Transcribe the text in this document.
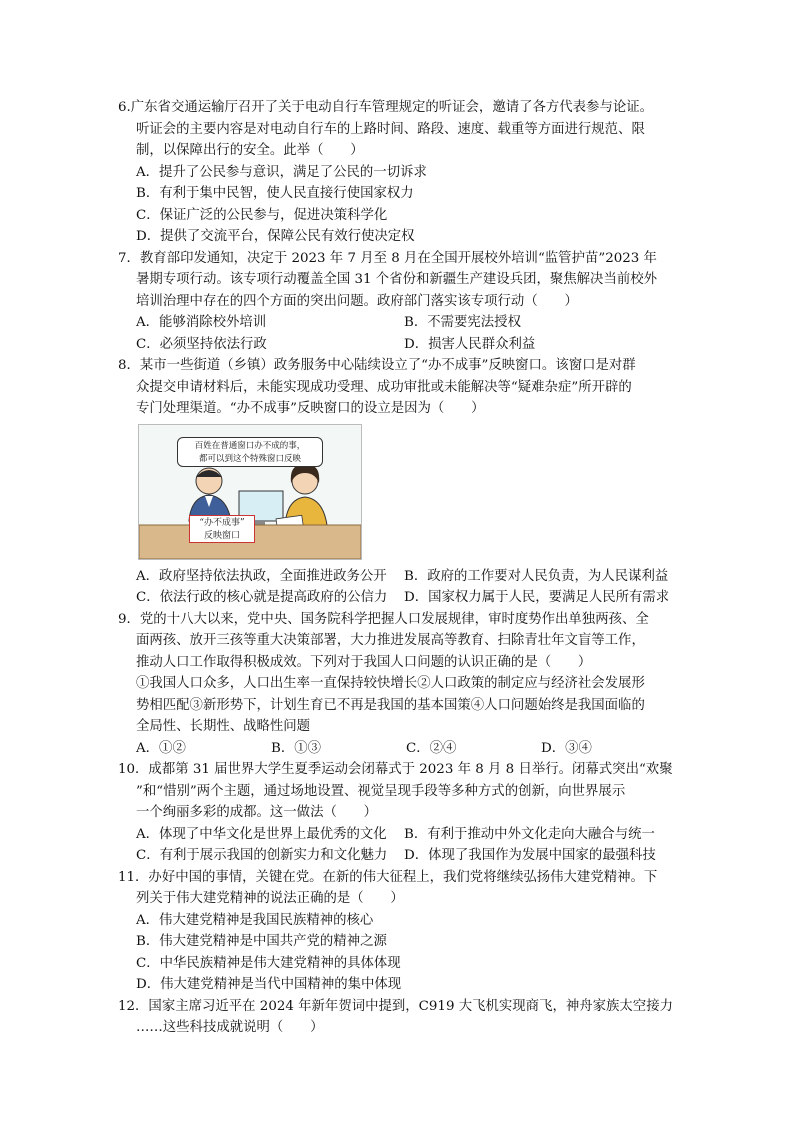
6.广东省交通运输厅召开了关于电动自行车管理规定的听证会，邀请了各方代表参与论证。
听证会的主要内容是对电动自行车的上路时间、路段、速度、载重等方面进行规范、限
制，以保障出行的安全。此举（　　）
A．提升了公民参与意识，满足了公民的一切诉求
B．有利于集中民智，使人民直接行使国家权力
C．保证广泛的公民参与，促进决策科学化
D．提供了交流平台，保障公民有效行使决定权
7．教育部印发通知，决定于 2023 年 7 月至 8 月在全国开展校外培训“监管护苗”2023 年
暑期专项行动。该专项行动覆盖全国 31 个省份和新疆生产建设兵团，聚焦解决当前校外
培训治理中存在的四个方面的突出问题。政府部门落实该专项行动（　　）
A．能够消除校外培训	B．不需要宪法授权
C．必须坚持依法行政	D．损害人民群众利益
8．某市一些街道（乡镇）政务服务中心陆续设立了“办不成事”反映窗口。该窗口是对群
众提交申请材料后，未能实现成功受理、成功审批或未能解决等“疑难杂症”所开辟的
专门处理渠道。“办不成事”反映窗口的设立是因为（　　）
百姓在普通窗口办不成的事，
都可以到这个特殊窗口反映
“办不成事”
反映窗口
A．政府坚持依法执政，全面推进政务公开	B．政府的工作要对人民负责，为人民谋利益
C．依法行政的核心就是提高政府的公信力	D．国家权力属于人民，要满足人民所有需求
9．党的十八大以来，党中央、国务院科学把握人口发展规律，审时度势作出单独两孩、全
面两孩、放开三孩等重大决策部署，大力推进发展高等教育、扫除青壮年文盲等工作，
推动人口工作取得积极成效。下列对于我国人口问题的认识正确的是（　　）
①我国人口众多，人口出生率一直保持较快增长②人口政策的制定应与经济社会发展形
势相匹配③新形势下，计划生育已不再是我国的基本国策④人口问题始终是我国面临的
全局性、长期性、战略性问题
A．①②	B．①③	C．②④	D．③④
10．成都第 31 届世界大学生夏季运动会闭幕式于 2023 年 8 月 8 日举行。闭幕式突出“欢聚
”和“惜别”两个主题，通过场地设置、视觉呈现手段等多种方式的创新，向世界展示
一个绚丽多彩的成都。这一做法（　　）
A．体现了中华文化是世界上最优秀的文化	B．有利于推动中外文化走向大融合与统一
C．有利于展示我国的创新实力和文化魅力	D．体现了我国作为发展中国家的最强科技
11．办好中国的事情，关键在党。在新的伟大征程上，我们党将继续弘扬伟大建党精神。下
列关于伟大建党精神的说法正确的是（　　）
A．伟大建党精神是我国民族精神的核心
B．伟大建党精神是中国共产党的精神之源
C．中华民族精神是伟大建党精神的具体体现
D．伟大建党精神是当代中国精神的集中体现
12．国家主席习近平在 2024 年新年贺词中提到，C919 大飞机实现商飞，神舟家族太空接力
……这些科技成就说明（　　）
